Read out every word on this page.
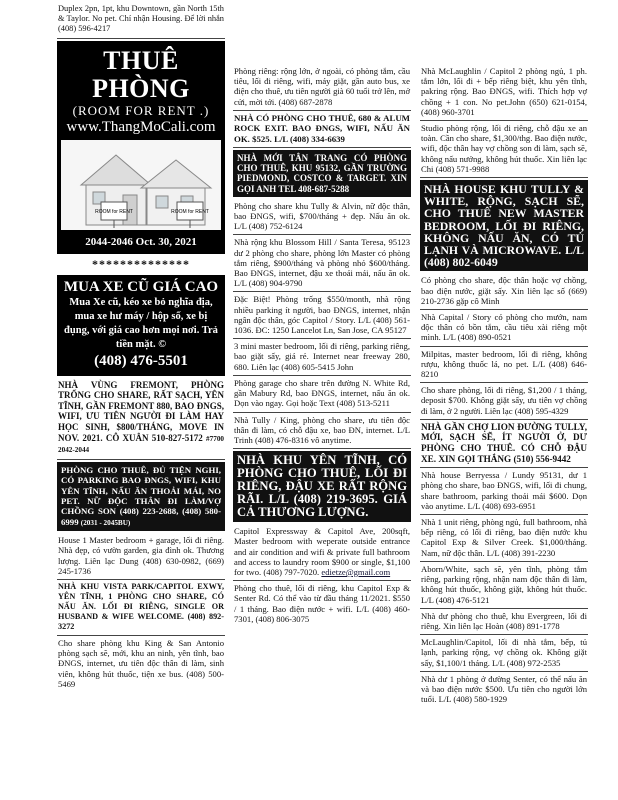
Duplex 2pn, 1pt, khu Downtown, gần North 15th & Taylor. No pet. Chỉ nhận Housing. Để lời nhắn (408) 596-4217
THUÊ PHÒNG
(ROOM FOR RENT .)
www.ThangMoCali.com
ROOM for RENT	ROOM for RENT
2044-2046 Oct. 30, 2021
**************
MUA XE CŨ GIÁ CAO
Mua Xe cũ, kéo xe bỏ nghĩa địa, mua xe hư máy / hộp số, xe bị đụng, với giá cao hơn mọi nơi. Trả tiền mặt. ©
(408) 476-5501
NHÀ VÙNG FREMONT, PHÒNG TRỐNG CHO SHARE, RẤT SẠCH, YÊN TĨNH, GẦN FREMONT 880, BAO ĐNGS, WIFI, ƯU TIÊN NGƯỜI ĐI LÀM HAY HỌC SINH, $800/THÁNG, MOVE IN NOV. 2021. CÔ XUÂN 510-827-5172 #7700 2042-2044
PHÒNG CHO THUÊ, ĐỦ TIỆN NGHI, CÓ PARKING BAO ĐNGS, WIFI, KHU YÊN TĨNH, NẤU ĂN THOẢI MÁI, NO PET. NỮ ĐỘC THÂN ĐI LÀM/VỢ CHỒNG SON (408) 223-2688, (408) 580-6999 (2031 - 2045BU)
House 1 Master bedroom + garage, lối đi riêng. Nhà đẹp, có vườn garden, gia đình ok. Thương lượng. Liên lạc Dung (408) 630-0982, (669) 245-1736
NHÀ KHU VISTA PARK/CAPITOL EXWY, YÊN TĨNH, 1 PHÒNG CHO SHARE, CÓ NẤU ĂN. LỐI ĐI RIÊNG, SINGLE OR HUSBAND & WIFE WELCOME. (408) 892-3272
Cho share phòng khu King & San Antonio phòng sạch sẽ, mới, khu an ninh, yên tĩnh, bao ĐNGS, internet, ưu tiên độc thân đi làm, sinh viên, không hút thuốc, tiện xe bus. (408) 500-5469
Phòng riêng: rộng lớn, ở ngoài, có phòng tắm, cầu tiêu, lối đi riêng, wifi, máy giặt, gần auto bus, xe điện cho thuê, ưu tiên người già 60 tuổi trở lên, mở cửi, mời tới. (408) 687-2878
NHÀ CÓ PHÒNG CHO THUÊ, 680 & ALUM ROCK EXIT. BAO ĐNGS, WIFI, NẤU ĂN OK. $525. L/L (408) 334-6639
NHÀ MỚI TÂN TRANG CÓ PHÒNG CHO THUÊ, KHU 95132, GẦN TRƯỜNG PIEDMOND, COSTCO & TARGET. XIN GỌI ANH TEL 408-687-5288
Phòng cho share khu Tully & Alvin, nữ độc thân, bao ĐNGS, wifi, $700/tháng + đẹp. Nấu ăn ok. L/L (408) 752-6124
Nhà rộng khu Blossom Hill / Santa Teresa, 95123 dư 2 phòng cho share, phòng lớn Master có phòng tắm riêng, $900/tháng và phòng nhỏ $600/tháng. Bao ĐNGS, internet, đậu xe thoải mái, nấu ăn ok. L/L (408) 904-9790
Đặc Biệt! Phòng trống $550/month, nhà rộng nhiều parking ít người, bao ĐNGS, internet, nhận ngân độc thân, góc Capitol / Story. L/L (408) 561-1036. ĐC: 1250 Lancelot Ln, San Jose, CA 95127
3 mini master bedroom, lối đi riêng, parking riêng, bao giặt sấy, giá rẻ. Internet near freeway 280, 680. Liên lạc (408) 605-5415 John
Phòng garage cho share trên đường N. White Rd, gần Mabury Rd, bao ĐNGS, internet, nấu ăn ok. Dọn vào ngay. Gọi hoặc Text (408) 513-5211
Nhà Tully / King, phòng cho share, ưu tiên độc thân đi làm, có chỗ đậu xe, bao ĐN, internet. L/L Trinh (408) 476-8316 vô anytime.
NHÀ KHU YÊN TĨNH, CÓ PHÒNG CHO THUÊ, LỐI ĐI RIÊNG, ĐẬU XE RẤT RỘNG RÃI. L/L (408) 219-3695. GIÁ CẢ THƯƠNG LƯỢNG.
Capitol Expressway & Capitol Ave, 200sqft, Master bedroom with weperate outside entrance and air condition and wifi & private full bathroom and access to laundry room $900 or single, $1,100 for two. (408) 797-7020. edietze@gmail.com
Phòng cho thuê, lối đi riêng, khu Capitol Exp & Senter Rd. Có thể vào từ đầu tháng 11/2021. $550 / 1 tháng. Bao điện nước + wifi. L/L (408) 460-7301, (408) 806-3075
Nhà McLaughlin / Capitol 2 phòng ngủ, 1 ph. tắm lớn, lối đi + bếp riêng biệt, khu yên tĩnh, pakring rộng. Bao ĐNGS, wifi. Thích hợp vợ chồng + 1 con. No pet.John (650) 621-0154,(408) 960-3701
Studio phòng rộng, lối đi riêng, chỗ đậu xe an toàn. Cần cho share, $1,300/thg. Bao điện nước, wifi, độc thân hay vợ chồng son đi làm, sạch sẽ, không nấu nướng, không hút thuốc. Xin liên lạc Chi (408) 571-9988
NHÀ HOUSE KHU TULLY & WHITE, RỘNG, SẠCH SẼ, CHO THUÊ NEW MASTER BEDROOM, LỐI ĐI RIÊNG, KHÔNG NẤU ĂN, CÓ TỦ LẠNH VÀ MICROWAVE. L/L (408) 802-6049
Có phòng cho share, độc thân hoặc vợ chồng, bao điện nước, giặt sấy. Xin liên lạc số (669) 210-2736 gặp cô Minh
Nhà Capital / Story có phòng cho mướn, nam độc thân có bồn tắm, cầu tiêu xài riêng một mình. L/L (408) 890-0521
Milpitas, master bedroom, lối đi riêng, không rượu, không thuốc lá, no pet. L/L (408) 646-8210
Cho share phòng, lối đi riêng, $1,200 / 1 tháng, deposit $700. Không giặt sấy, ưu tiên vợ chồng đi làm, ở 2 người. Liên lạc (408) 595-4329
NHÀ GẦN CHỢ LION ĐƯỜNG TULLY, MỚI, SẠCH SẼ, ÍT NGƯỜI Ở, DƯ PHÒNG CHO THUÊ. CÓ CHỖ ĐẬU XE. XIN GỌI THẮNG (510) 556-9442
Nhà house Berryessa / Lundy 95131, dư 1 phòng cho share, bao ĐNGS, wifi, lối đi chung, share bathroom, parking thoải mái $600. Dọn vào anytime. L/L (408) 693-6951
Nhà 1 unit riêng, phòng ngủ, full bathroom, nhà bếp riêng, có lối đi riêng, bao điện nước khu Capitol Exp & Silver Creek. $1,000/tháng. Nam, nữ độc thân. L/L (408) 391-2230
Aborn/White, sạch sẽ, yên tĩnh, phòng tắm riêng, parking rộng, nhận nam độc thân đi làm, không hút thuốc, không giặt, không hút thuốc. L/L (408) 476-5121
Nhà dư phòng cho thuê, khu Evergreen, lối đi riêng. Xin liên lạc Hoàn (408) 891-1778
McLaughlin/Capitol, lối đi nhà tắm, bếp, tủ lạnh, parking rộng, vợ chồng ok. Không giặt sấy, $1,100/1 tháng. L/L (408) 972-2535
Nhà dư 1 phòng ở đường Senter, có thể nấu ăn và bao điện nước $500. Ưu tiên cho người lớn tuổi. L/L (408) 580-1929
